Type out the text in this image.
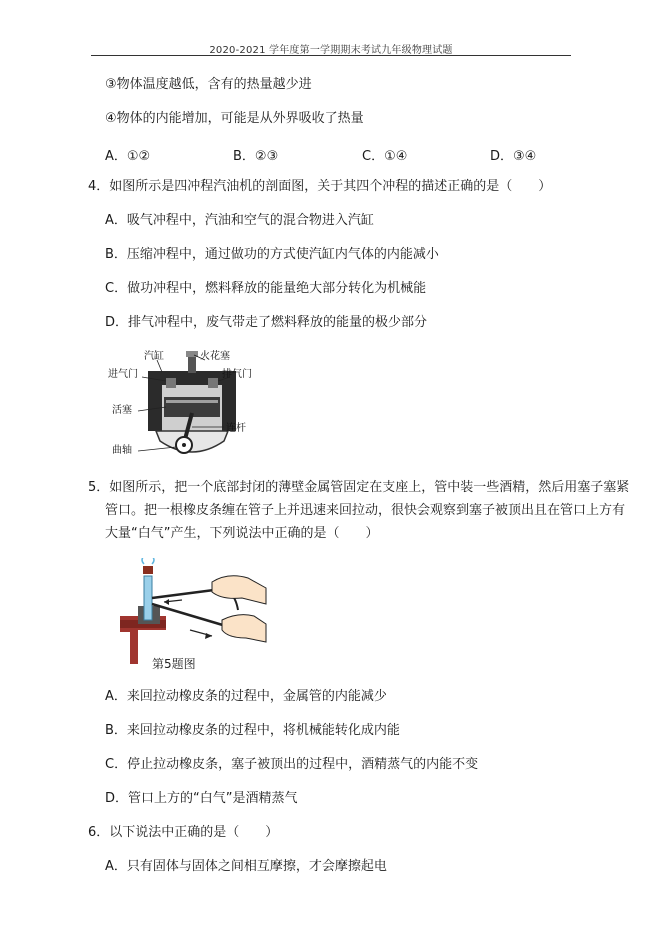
2020-2021 学年度第一学期期末考试九年级物理试题
③物体温度越低，含有的热量越少进
④物体的内能增加，可能是从外界吸收了热量
A．①②	B．②③	C．①④	D．③④
4．如图所示是四冲程汽油机的剖面图，关于其四个冲程的描述正确的是（　　）
A．吸气冲程中，汽油和空气的混合物进入汽缸
B．压缩冲程中，通过做功的方式使汽缸内气体的内能减小
C．做功冲程中，燃料释放的能量绝大部分转化为机械能
D．排气冲程中，废气带走了燃料释放的能量的极少部分
汽缸	火花塞
进气门	排气门
活塞
连杆
曲轴
5．如图所示，把一个底部封闭的薄壁金属管固定在支座上，管中装一些酒精，然后用塞子塞紧
管口。把一根橡皮条缠在管子上并迅速来回拉动，很快会观察到塞子被顶出且在管口上方有
大量“白气”产生，下列说法中正确的是（　　）
第5题图
A．来回拉动橡皮条的过程中，金属管的内能减少
B．来回拉动橡皮条的过程中，将机械能转化成内能
C．停止拉动橡皮条，塞子被顶出的过程中，酒精蒸气的内能不变
D．管口上方的“白气”是酒精蒸气
6．以下说法中正确的是（　　）
A．只有固体与固体之间相互摩擦，才会摩擦起电
